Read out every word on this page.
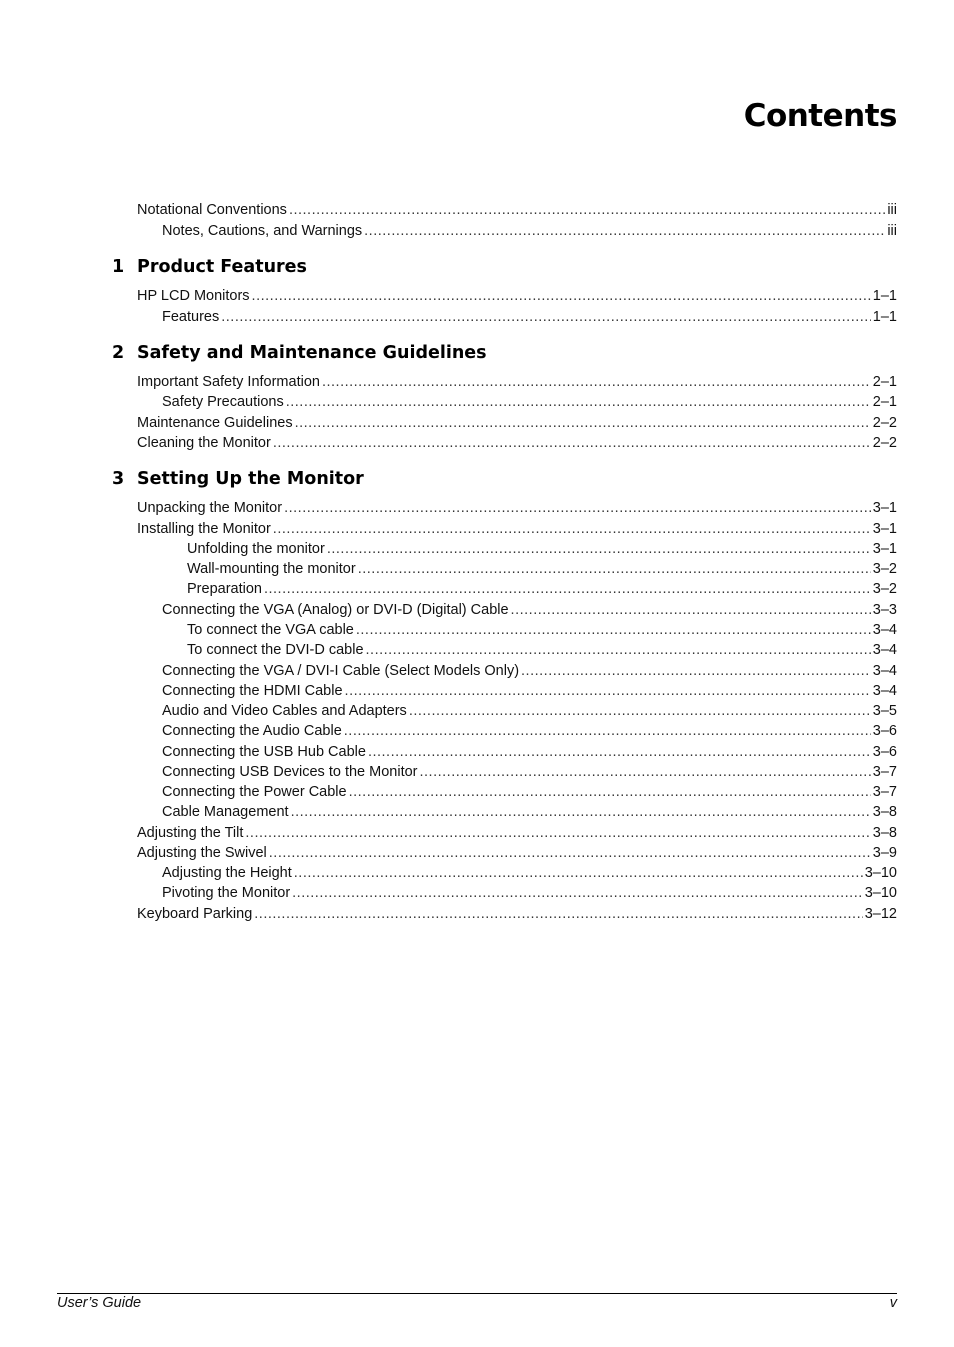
Contents
Notational Conventions .....	iii
Notes, Cautions, and Warnings .....	iii
1 Product Features
HP LCD Monitors .....	1–1
Features .....	1–1
2 Safety and Maintenance Guidelines
Important Safety Information .....	2–1
Safety Precautions .....	2–1
Maintenance Guidelines .....	2–2
Cleaning the Monitor .....	2–2
3 Setting Up the Monitor
Unpacking the Monitor .....	3–1
Installing the Monitor .....	3–1
Unfolding the monitor .....	3–1
Wall-mounting the monitor .....	3–2
Preparation .....	3–2
Connecting the VGA (Analog) or DVI-D (Digital) Cable .....	3–3
To connect the VGA cable .....	3–4
To connect the DVI-D cable .....	3–4
Connecting the VGA / DVI-I Cable (Select Models Only) .....	3–4
Connecting the HDMI Cable .....	3–4
Audio and Video Cables and Adapters .....	3–5
Connecting the Audio Cable .....	3–6
Connecting the USB Hub Cable .....	3–6
Connecting USB Devices to the Monitor .....	3–7
Connecting the Power Cable .....	3–7
Cable Management .....	3–8
Adjusting the Tilt .....	3–8
Adjusting the Swivel .....	3–9
Adjusting the Height .....	3–10
Pivoting the Monitor .....	3–10
Keyboard Parking .....	3–12
User’s Guide	v
